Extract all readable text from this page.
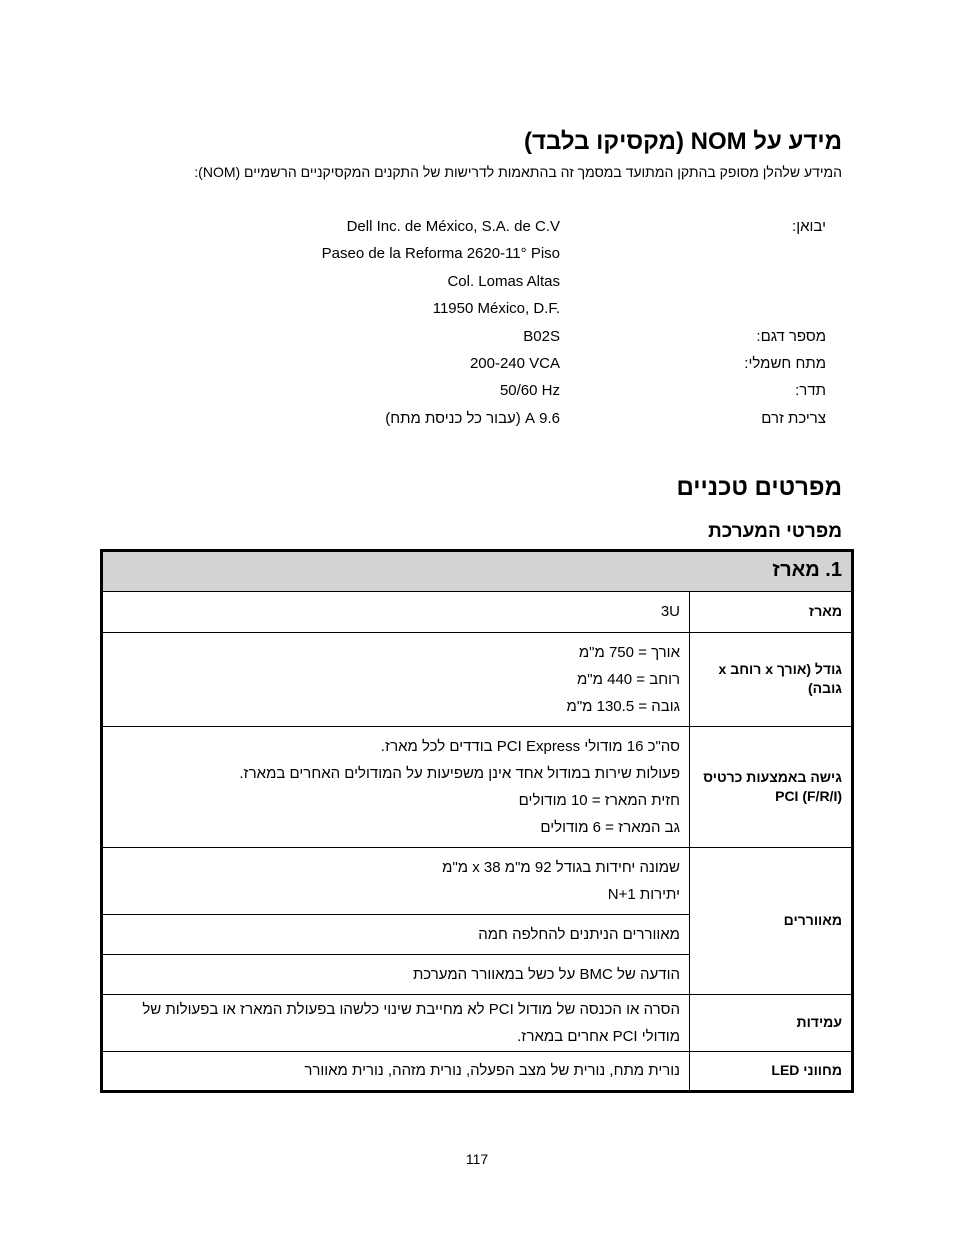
מידע על NOM (מקסיקו בלבד)
המידע שלהלן מסופק בהתקן המתועד במסמך זה בהתאמות לדרישות של התקנים המקסיקניים הרשמיים (NOM):
יבואן:
Dell Inc. de México, S.A. de C.V
Paseo de la Reforma 2620-11° Piso
Col. Lomas Altas
11950 México, D.F.
מספר דגם:
B02S
מתח חשמלי:
200-240 VCA
תדר:
50/60 Hz
צריכת זרם
9.6 A (עבור כל כניסת מתח)
מפרטים טכניים
מפרטי המערכת
1. מארז
מארז	3U

גודל (אורך x רוחב x גובה)	אורך = 750 מ"מ
רוחב = 440 מ"מ
גובה = 130.5 מ"מ

גישה באמצעות כרטיס PCI (F/R/I)	סה"כ 16 מודולי PCI Express בודדים לכל מארז.
פעולות שירות במודול אחד אינן משפיעות על המודולים האחרים במארז.
חזית המארז = 10 מודולים
גב המארז = 6 מודולים

מאווררים	שמונה יחידות בגודל 92 מ"מ x 38 מ"מ
יתירות N+1

	מאווררים הניתנים להחלפה חמה

	הודעה של BMC על כשל במאוורר המערכת

עמידות	הסרה או הכנסה של מודול PCI לא מחייבת שינוי כלשהו בפעולת המארז או בפעולות של מודולי PCI אחרים במארז.
מחווני LED	נורית מתח, נורית של מצב הפעלה, נורית מזהה, נורית מאוורר
117
